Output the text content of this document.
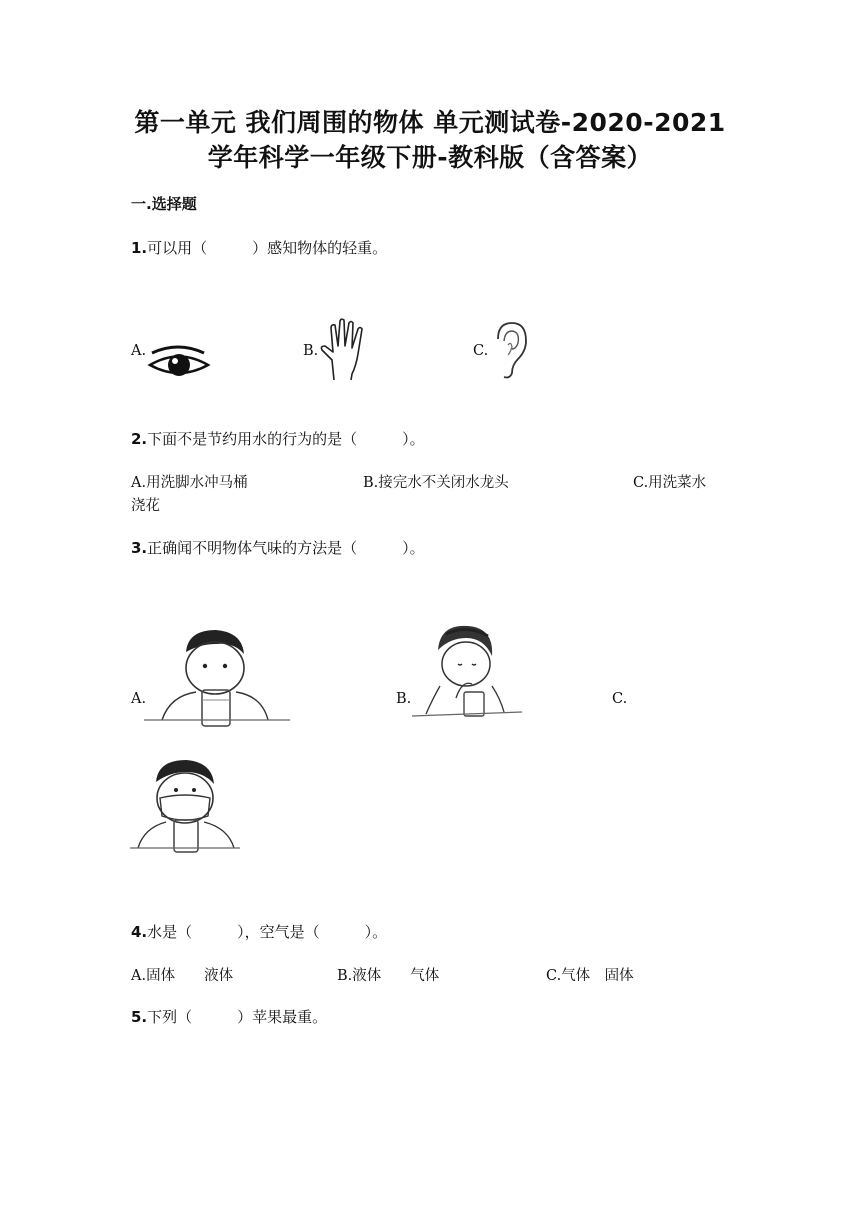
第一单元 我们周围的物体 单元测试卷-2020-2021
学年科学一年级下册-教科版（含答案）
一.选择题
1.可以用（　　　）感知物体的轻重。
A.	B.	C.
2.下面不是节约用水的行为的是（　　　）。
A.用洗脚水冲马桶	B.接完水不关闭水龙头	C.用洗菜水
浇花
3.正确闻不明物体气味的方法是（　　　）。
A.	B.	C.
4.水是（　　　），空气是（　　　）。
A.固体　　液体	B.液体　　气体	C.气体　固体
5.下列（　　　）苹果最重。
